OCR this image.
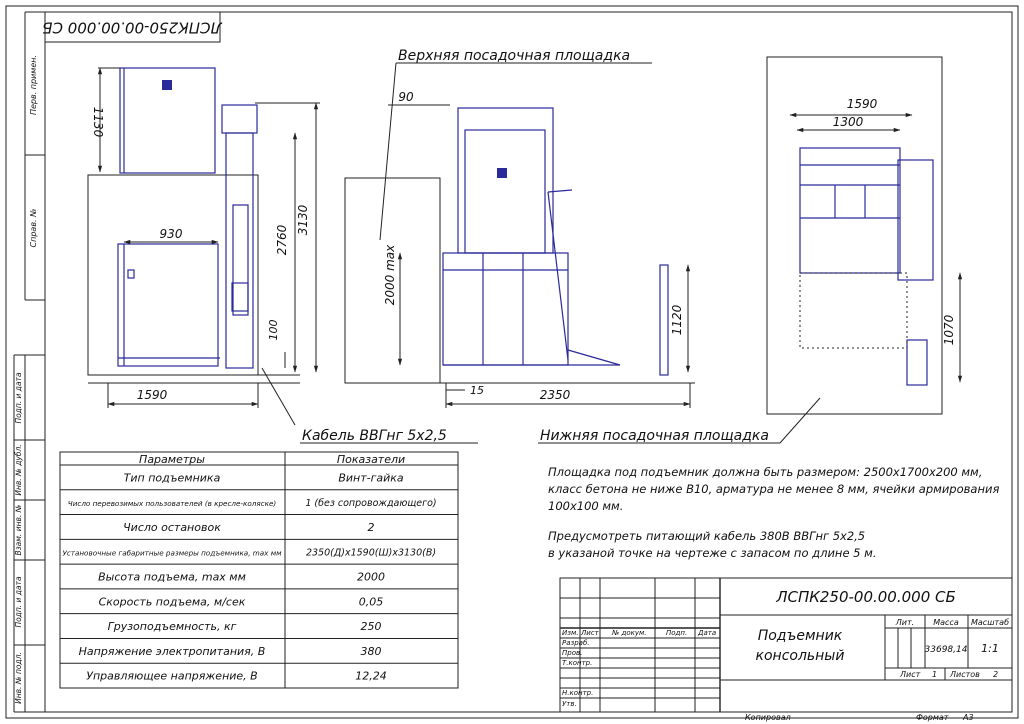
ЛСПК250-00.00.000 СБ
Перв. примен.
Справ. №
Подп. и дата
Инв. № дубл.
Взам. инв. №
Подп. и дата
Инв. № подл.
1130
930	2760
3130
100
1590
Кабель ВВГнг 5х2,5
Верхняя посадочная площадка
90
2000 max
1120
15	2350
Нижняя посадочная площадка
1590
1300
1070
Параметры	Показатели
Тип подъемника	Винт-гайка
Число перевозимых пользователей (в кресле-коляске)	1 (без сопровождающего)
Число остановок	2
Установочные габаритные размеры подъемника, max мм	2350(Д)х1590(Ш)х3130(В)
Высота подъема, max мм	2000
Скорость подъема, м/сек	0,05
Грузоподъемность, кг	250
Напряжение электропитания, В	380
Управляющее напряжение, В	12,24
Площадка под подъемник должна быть размером: 2500х1700х200 мм,
класс бетона не ниже В10, арматура не менее 8 мм, ячейки армирования
100х100 мм.
Предусмотреть питающий кабель 380В ВВГнг 5х2,5
в указаной точке на чертеже с запасом по длине 5 м.
Изм. Лист № докум.	Подп. Дата
Разраб.
Пров.
Т.контр.
Н.контр.
Утв.
ЛСПК250-00.00.000 СБ
Подъемник
консольный
Лит. Масса Масштаб
33698,14 1:1
Лист 1 Листов 2
Копировал	Формат А3
